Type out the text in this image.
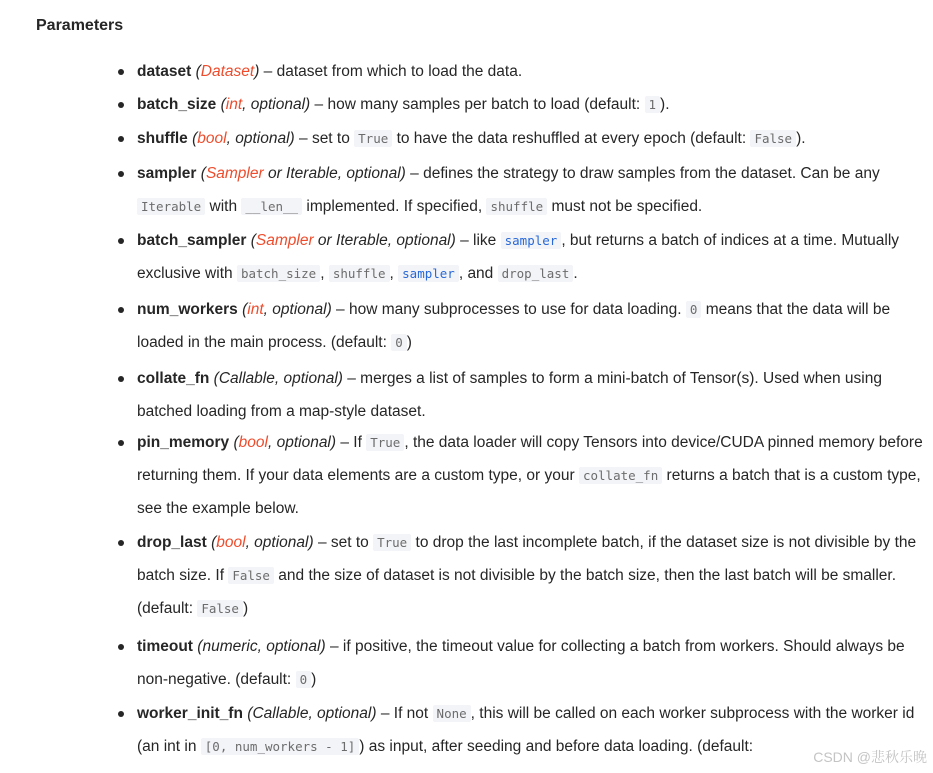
Parameters
dataset (Dataset) – dataset from which to load the data.
batch_size (int, optional) – how many samples per batch to load (default: 1 ).
shuffle (bool, optional) – set to True to have the data reshuffled at every epoch (default: False ).
sampler (Sampler or Iterable, optional) – defines the strategy to draw samples from the dataset. Can be any Iterable with __len__ implemented. If specified, shuffle must not be specified.
batch_sampler (Sampler or Iterable, optional) – like sampler , but returns a batch of indices at a time. Mutually exclusive with batch_size , shuffle , sampler , and drop_last .
num_workers (int, optional) – how many subprocesses to use for data loading. 0 means that the data will be loaded in the main process. (default: 0 )
collate_fn (Callable, optional) – merges a list of samples to form a mini-batch of Tensor(s). Used when using batched loading from a map-style dataset.
pin_memory (bool, optional) – If True , the data loader will copy Tensors into device/CUDA pinned memory before returning them. If your data elements are a custom type, or your collate_fn returns a batch that is a custom type, see the example below.
drop_last (bool, optional) – set to True to drop the last incomplete batch, if the dataset size is not divisible by the batch size. If False and the size of dataset is not divisible by the batch size, then the last batch will be smaller. (default: False )
timeout (numeric, optional) – if positive, the timeout value for collecting a batch from workers. Should always be non-negative. (default: 0 )
worker_init_fn (Callable, optional) – If not None , this will be called on each worker subprocess with the worker id (an int in [0, num_workers - 1] ) as input, after seeding and before data loading. (default:
CSDN @悲秋乐晚
